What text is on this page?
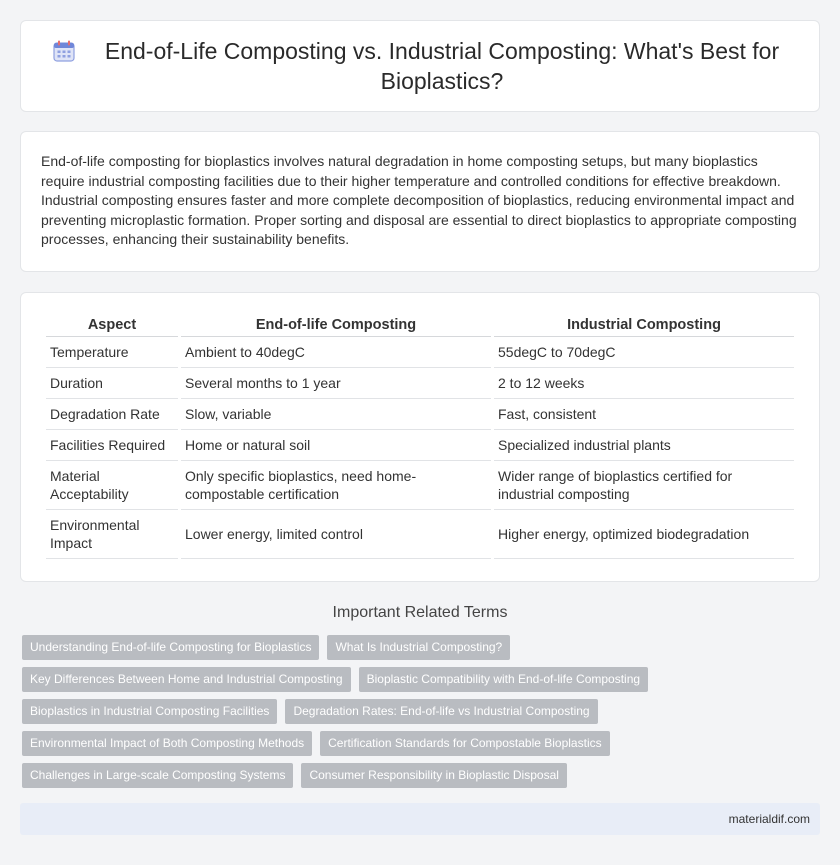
End-of-Life Composting vs. Industrial Composting: What's Best for Bioplastics?

End-of-life composting for bioplastics involves natural degradation in home composting setups, but many bioplastics require industrial composting facilities due to their higher temperature and controlled conditions for effective breakdown. Industrial composting ensures faster and more complete decomposition of bioplastics, reducing environmental impact and preventing microplastic formation. Proper sorting and disposal are essential to direct bioplastics to appropriate composting processes, enhancing their sustainability benefits.

Aspect	End-of-life Composting	Industrial Composting
Temperature	Ambient to 40degC	55degC to 70degC
Duration	Several months to 1 year	2 to 12 weeks
Degradation Rate	Slow, variable	Fast, consistent
Facilities Required	Home or natural soil	Specialized industrial plants
Material Acceptability	Only specific bioplastics, need home-compostable certification	Wider range of bioplastics certified for industrial composting
Environmental Impact	Lower energy, limited control	Higher energy, optimized biodegradation
Important Related Terms
Understanding End-of-life Composting for Bioplastics	What Is Industrial Composting?
Key Differences Between Home and Industrial Composting	Bioplastic Compatibility with End-of-life Composting
Bioplastics in Industrial Composting Facilities	Degradation Rates: End-of-life vs Industrial Composting
Environmental Impact of Both Composting Methods	Certification Standards for Compostable Bioplastics
Challenges in Large-scale Composting Systems	Consumer Responsibility in Bioplastic Disposal
materialdif.com
